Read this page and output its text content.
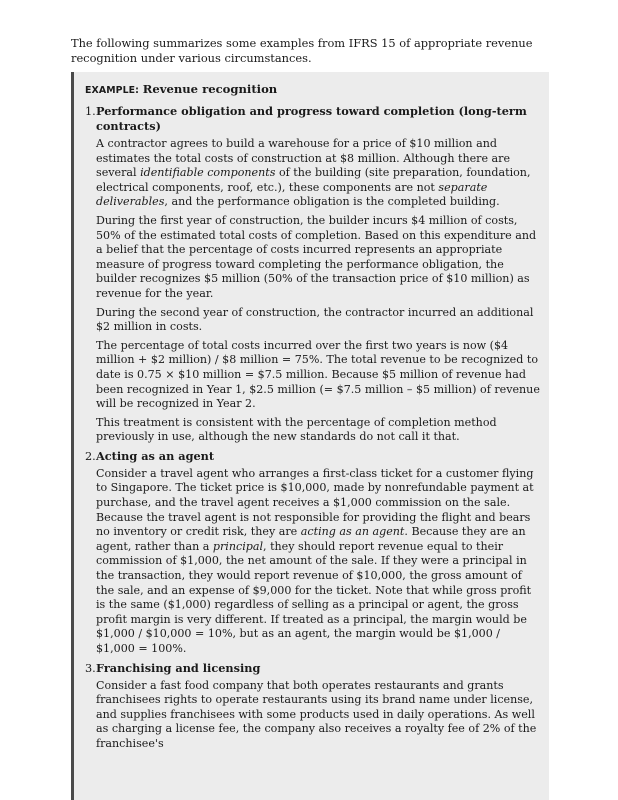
The following summarizes some examples from IFRS 15 of appropriate revenue recognition under various circumstances.

EXAMPLE: Revenue recognition
1. Performance obligation and progress toward completion (long-term contracts)

A contractor agrees to build a warehouse for a price of $10 million and estimates the total costs of construction at $8 million. Although there are several identifiable components of the building (site preparation, foundation, electrical components, roof, etc.), these components are not separate deliverables, and the performance obligation is the completed building.

During the first year of construction, the builder incurs $4 million of costs, 50% of the estimated total costs of completion. Based on this expenditure and a belief that the percentage of costs incurred represents an appropriate measure of progress toward completing the performance obligation, the builder recognizes $5 million (50% of the transaction price of $10 million) as revenue for the year.

During the second year of construction, the contractor incurred an additional $2 million in costs.

The percentage of total costs incurred over the first two years is now ($4 million + $2 million) / $8 million = 75%. The total revenue to be recognized to date is 0.75 × $10 million = $7.5 million. Because $5 million of revenue had been recognized in Year 1, $2.5 million (= $7.5 million – $5 million) of revenue will be recognized in Year 2.

This treatment is consistent with the percentage of completion method previously in use, although the new standards do not call it that.

2. Acting as an agent

Consider a travel agent who arranges a first-class ticket for a customer flying to Singapore. The ticket price is $10,000, made by nonrefundable payment at purchase, and the travel agent receives a $1,000 commission on the sale. Because the travel agent is not responsible for providing the flight and bears no inventory or credit risk, they are acting as an agent. Because they are an agent, rather than a principal, they should report revenue equal to their commission of $1,000, the net amount of the sale. If they were a principal in the transaction, they would report revenue of $10,000, the gross amount of the sale, and an expense of $9,000 for the ticket. Note that while gross profit is the same ($1,000) regardless of selling as a principal or agent, the gross profit margin is very different. If treated as a principal, the margin would be $1,000 / $10,000 = 10%, but as an agent, the margin would be $1,000 / $1,000 = 100%.

3. Franchising and licensing

Consider a fast food company that both operates restaurants and grants franchisees rights to operate restaurants using its brand name under license, and supplies franchisees with some products used in daily operations. As well as charging a license fee, the company also receives a royalty fee of 2% of the franchisee's
